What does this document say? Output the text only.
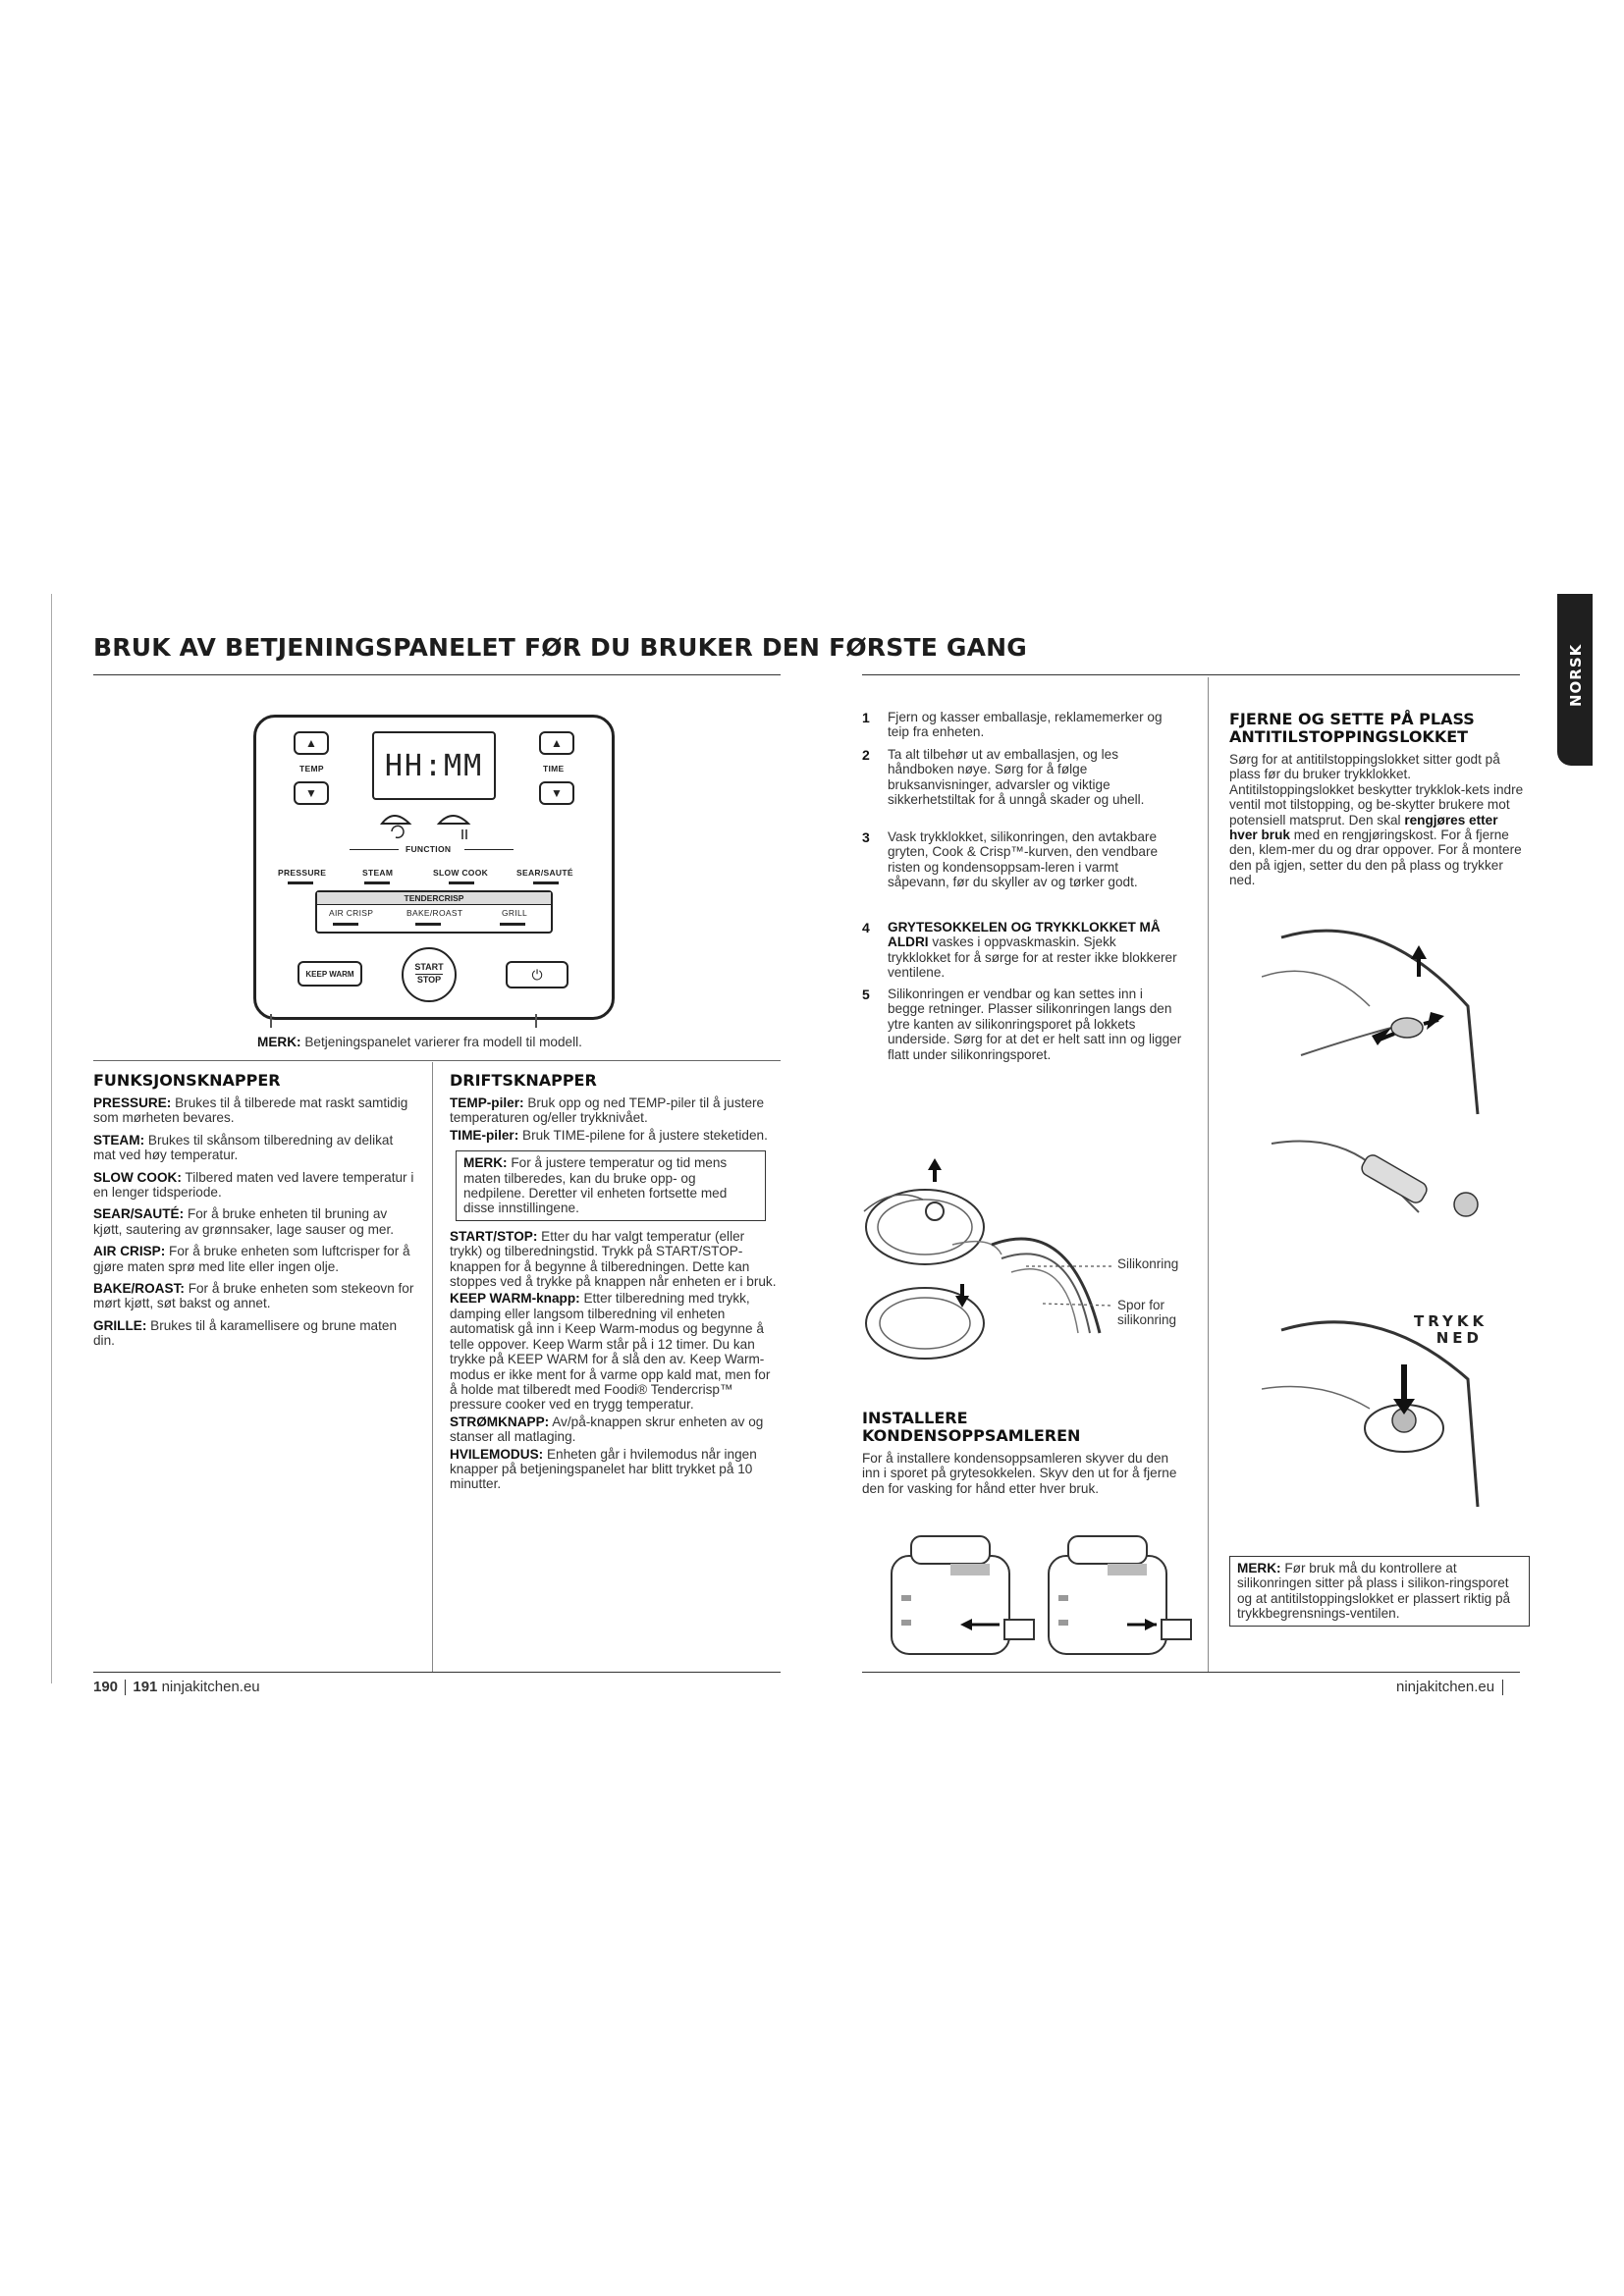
BRUK AV BETJENINGSPANELET FØR DU BRUKER DEN FØRSTE GANG	NORSK
▲
TEMP
▼
HH:MM
▲
TIME
▼
FUNCTION
PRESSURE	STEAM	SLOW COOK	SEAR/SAUTÉ
TENDERCRISP
AIR CRISP	BAKE/ROAST	GRILL
KEEP WARM
START
STOP	⏻
MERK: Betjeningspanelet varierer fra modell til modell.
FUNKSJONSKNAPPER

PRESSURE: Brukes til å tilberede mat raskt samtidig som mørheten bevares.

STEAM: Brukes til skånsom tilberedning av delikat mat ved høy temperatur.

SLOW COOK: Tilbered maten ved lavere temperatur i en lenger tidsperiode.

SEAR/SAUTÉ: For å bruke enheten til bruning av kjøtt, sautering av grønnsaker, lage sauser og mer.

AIR CRISP: For å bruke enheten som luftcrisper for å gjøre maten sprø med lite eller ingen olje.

BAKE/ROAST: For å bruke enheten som stekeovn for mørt kjøtt, søt bakst og annet.

GRILLE: Brukes til å karamellisere og brune maten din.

DRIFTSKNAPPER

TEMP-piler: Bruk opp og ned TEMP-piler til å justere temperaturen og/eller trykknivået.

TIME-piler: Bruk TIME-pilene for å justere steketiden.

MERK: For å justere temperatur og tid mens maten tilberedes, kan du bruke opp- og nedpilene. Deretter vil enheten fortsette med disse innstillingene.

START/STOP: Etter du har valgt temperatur (eller trykk) og tilberedningstid. Trykk på START/STOP-knappen for å begynne å tilberedningen. Dette kan stoppes ved å trykke på knappen når enheten er i bruk.

KEEP WARM-knapp: Etter tilberedning med trykk, damping eller langsom tilberedning vil enheten automatisk gå inn i Keep Warm-modus og begynne å telle oppover. Keep Warm står på i 12 timer. Du kan trykke på KEEP WARM for å slå den av. Keep Warm-modus er ikke ment for å varme opp kald mat, men for å holde mat tilberedt med Foodi® Tendercrisp™ pressure cooker ved en trygg temperatur.

STRØMKNAPP: Av/på-knappen skrur enheten av og stanser all matlaging.

HVILEMODUS: Enheten går i hvilemodus når ingen knapper på betjeningspanelet har blitt trykket på 10 minutter.

1	Fjern og kasser emballasje, reklamemerker og teip fra enheten.
2	Ta alt tilbehør ut av emballasjen, og les håndboken nøye. Sørg for å følge bruksanvisninger, advarsler og viktige sikkerhetstiltak for å unngå skader og uhell.
3	Vask trykklokket, silikonringen, den avtakbare gryten, Cook & Crisp™-kurven, den vendbare risten og kondensoppsam-leren i varmt såpevann, før du skyller av og tørker godt.
4	GRYTESOKKELEN OG TRYKKLOKKET MÅ ALDRI vaskes i oppvaskmaskin. Sjekk trykklokket for å sørge for at rester ikke blokkerer ventilene.
5	Silikonringen er vendbar og kan settes inn i begge retninger. Plasser silikonringen langs den ytre kanten av silikonringsporet på lokkets underside. Sørg for at det er helt satt inn og ligger flatt under silikonringsporet.
Silikonring
Spor for silikonring
INSTALLERE KONDENSOPPSAMLEREN
For å installere kondensoppsamleren skyver du den inn i sporet på grytesokkelen. Skyv den ut for å fjerne den for vasking for hånd etter hver bruk.
FJERNE OG SETTE PÅ PLASS ANTITILSTOPPINGSLOKKET
Sørg for at antitilstoppingslokket sitter godt på plass før du bruker trykklokket. Antitilstoppingslokket beskytter trykklok-kets indre ventil mot tilstopping, og be-skytter brukere mot potensiell matsprut. Den skal rengjøres etter hver bruk med en rengjøringskost. For å fjerne den, klem-mer du og drar oppover. For å montere den på igjen, setter du den på plass og trykker ned.
TRYKK NED
MERK: Før bruk må du kontrollere at silikonringen sitter på plass i silikon-ringsporet og at antitilstoppingslokket er plassert riktig på trykkbegrensnings-ventilen.
190 191 ninjakitchen.eu	ninjakitchen.eu
